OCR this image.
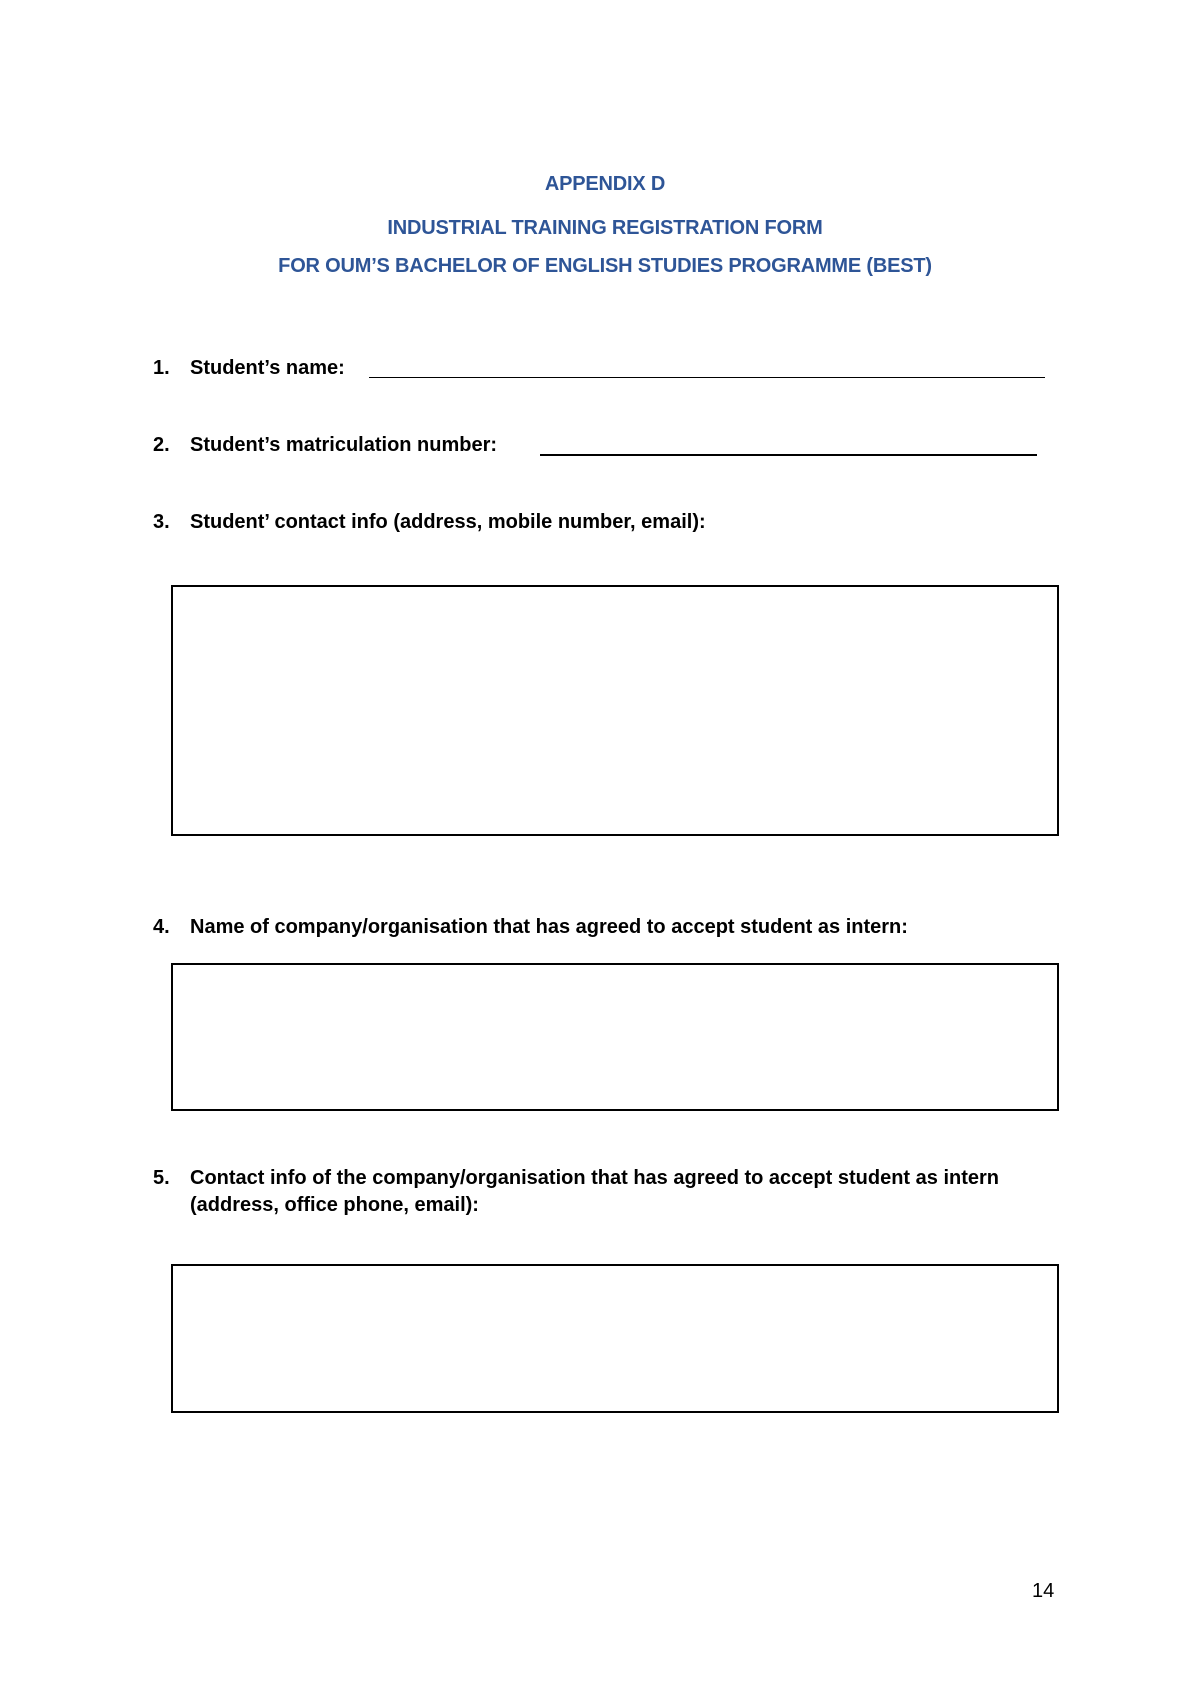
APPENDIX D
INDUSTRIAL TRAINING REGISTRATION FORM
FOR OUM’S BACHELOR OF ENGLISH STUDIES PROGRAMME (BEST)
1. Student’s name:
2. Student’s matriculation number:
3. Student’ contact info (address, mobile number, email):
4. Name of company/organisation that has agreed to accept student as intern:
5. Contact info of the company/organisation that has agreed to accept student as intern (address, office phone, email):
14
